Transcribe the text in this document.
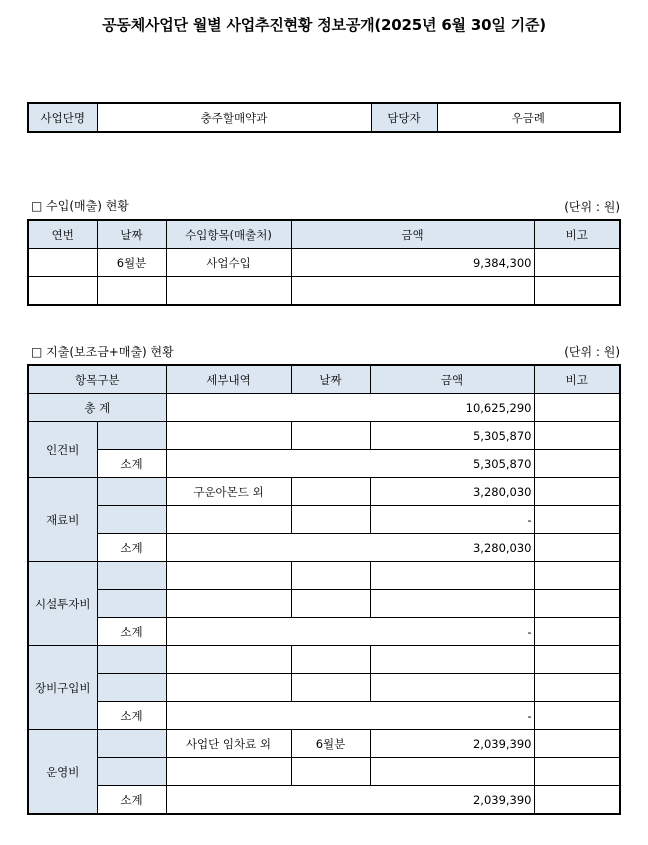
공동체사업단 월별 사업추진현황 정보공개(2025년 6월 30일 기준)
사업단명	충주할매약과	담당자	우금례
□ 수입(매출) 현황	(단위 : 원)
연번	날짜	수입항목(매출처)	금액	비고
	6월분	사업수입	9,384,300	

□ 지출(보조금+매출) 현황	(단위 : 원)
항목구분		세부내역	날짜	금액	비고
총 계		10,625,290			
인건비				5,305,870	
	소계	5,305,870			
재료비		구운아몬드 외		3,280,030	
				-	
	소계	3,280,030			
시설투자비					

	소계	-			
장비구입비					

	소계	-			
운영비		사업단 임차료 외	6월분	2,039,390	

	소계	2,039,390			
